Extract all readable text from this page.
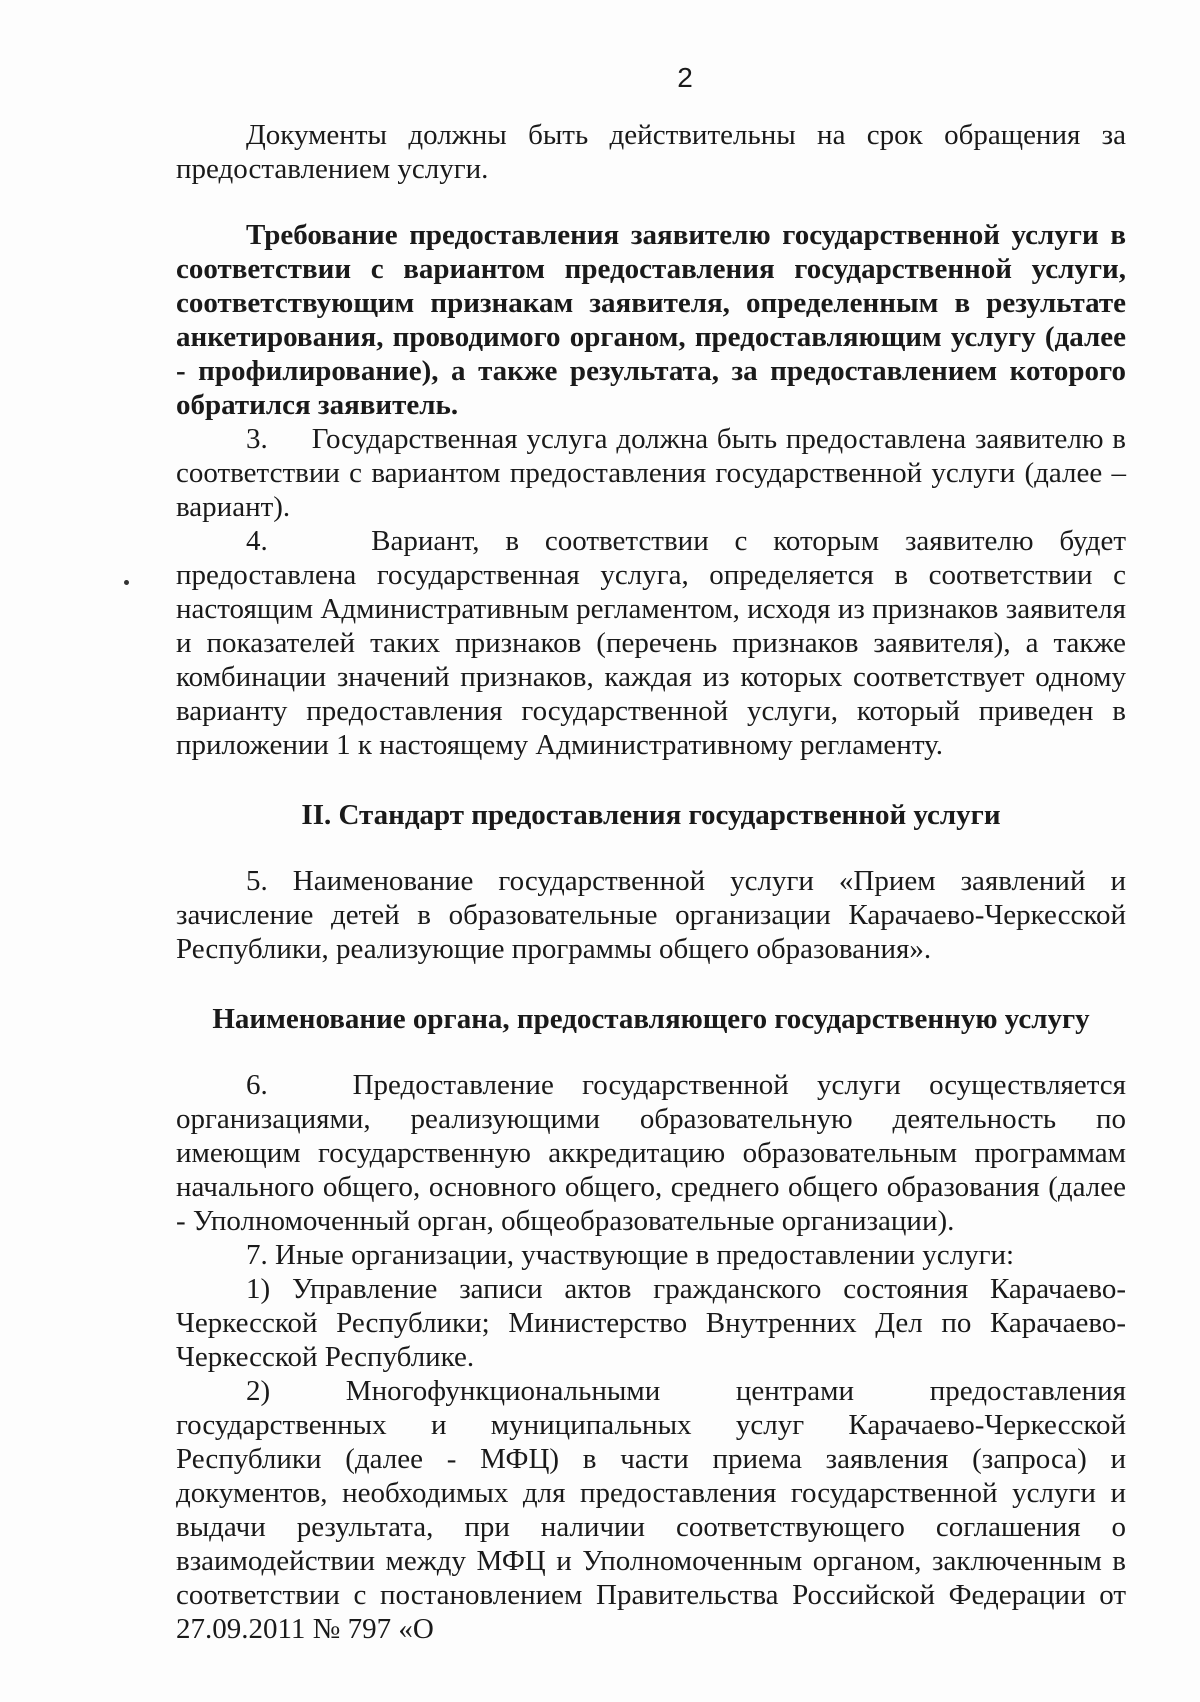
2

Документы должны быть действительны на срок обращения за предоставлением услуги.

Требование предоставления заявителю государственной услуги в соответствии с вариантом предоставления государственной услуги, соответствующим признакам заявителя, определенным в результате анкетирования, проводимого органом, предоставляющим услугу (далее - профилирование), а также результата, за предоставлением которого обратился заявитель.

3.     Государственная услуга должна быть предоставлена заявителю в соответствии с вариантом предоставления государственной услуги (далее – вариант).

4.    Вариант, в соответствии с которым заявителю будет предоставлена государственная услуга, определяется в соответствии с настоящим Административным регламентом, исходя из признаков заявителя и показателей таких признаков (перечень признаков заявителя), а также комбинации значений признаков, каждая из которых соответствует одному варианту предоставления государственной услуги, который приведен в приложении 1 к настоящему Административному регламенту.

II. Стандарт предоставления государственной услуги

5. Наименование государственной услуги «Прием заявлений и зачисление детей в образовательные организации Карачаево-Черкесской Республики, реализующие программы общего образования».

Наименование органа, предоставляющего государственную услугу

6.   Предоставление государственной услуги осуществляется организациями, реализующими образовательную деятельность по имеющим государственную аккредитацию образовательным программам начального общего, основного общего, среднего общего образования (далее - Уполномоченный орган, общеобразовательные организации).

7. Иные организации, участвующие в предоставлении услуги:

1) Управление записи актов гражданского состояния Карачаево-Черкесской Республики; Министерство Внутренних Дел по Карачаево-Черкесской Республике.

2) Многофункциональными центрами предоставления государственных и муниципальных услуг Карачаево-Черкесской Республики (далее - МФЦ) в части приема заявления (запроса) и документов, необходимых для предоставления государственной услуги и выдачи результата, при наличии соответствующего соглашения о взаимодействии между МФЦ и Уполномоченным органом, заключенным в соответствии с постановлением Правительства Российской Федерации от 27.09.2011 № 797 «О
